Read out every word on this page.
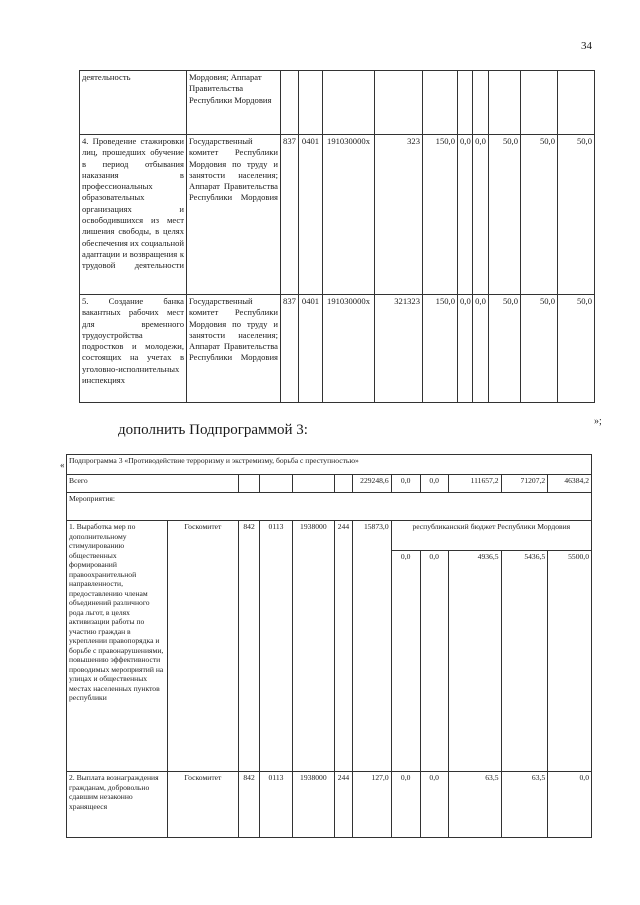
34
деятельность	Мордовия; Аппарат Правительства Республики Мордовия										
4. Проведение стажировки лиц, прошедших обучение в период отбывания наказания в профессиональных образовательных организациях и освободившихся из мест лишения свободы, в целях обеспечения их социальной адаптации и возвращения к трудовой деятельности	Государственный комитет Республики Мордовия по труду и занятости населения; Аппарат Правительства Республики Мордовия	837	0401	191030000х	323	150,0	0,0	0,0	50,0	50,0	50,0
5. Создание банка вакантных рабочих мест для временного трудоустройства подростков и молодежи, состоящих на учетах в уголовно-исполнительных инспекциях	Государственный комитет Республики Мордовия по труду и занятости населения; Аппарат Правительства Республики Мордовия	837	0401	191030000х	321323	150,0	0,0	0,0	50,0	50,0	50,0
»;
дополнить Подпрограммой 3:
« Подпрограмма 3 «Противодействие терроризму и экстремизму, борьба с преступностью»											
Всего						229248,6	0,0	0,0	111657,2	71207,2	46384,2
Мероприятия:											
1. Выработка мер по дополнительному стимулированию общественных формирований правоохранительной направленности, предоставлению членам объединений различного рода льгот, в целях активизации работы по участию граждан в укреплении правопорядка и борьбе с правонарушениями, повышению эффективности проводимых мероприятий на улицах и общественных местах населенных пунктов республики	Госкомитет	842	0113	1938000	244	15873,0	республиканский бюджет Республики Мордовия				
							0,0	0,0	4936,5	5436,5	5500,0
2. Выплата вознаграждения гражданам, добровольно сдавшим незаконно хранящееся	Госкомитет	842	0113	1938000	244	127,0	0,0	0,0	63,5	63,5	0,0
